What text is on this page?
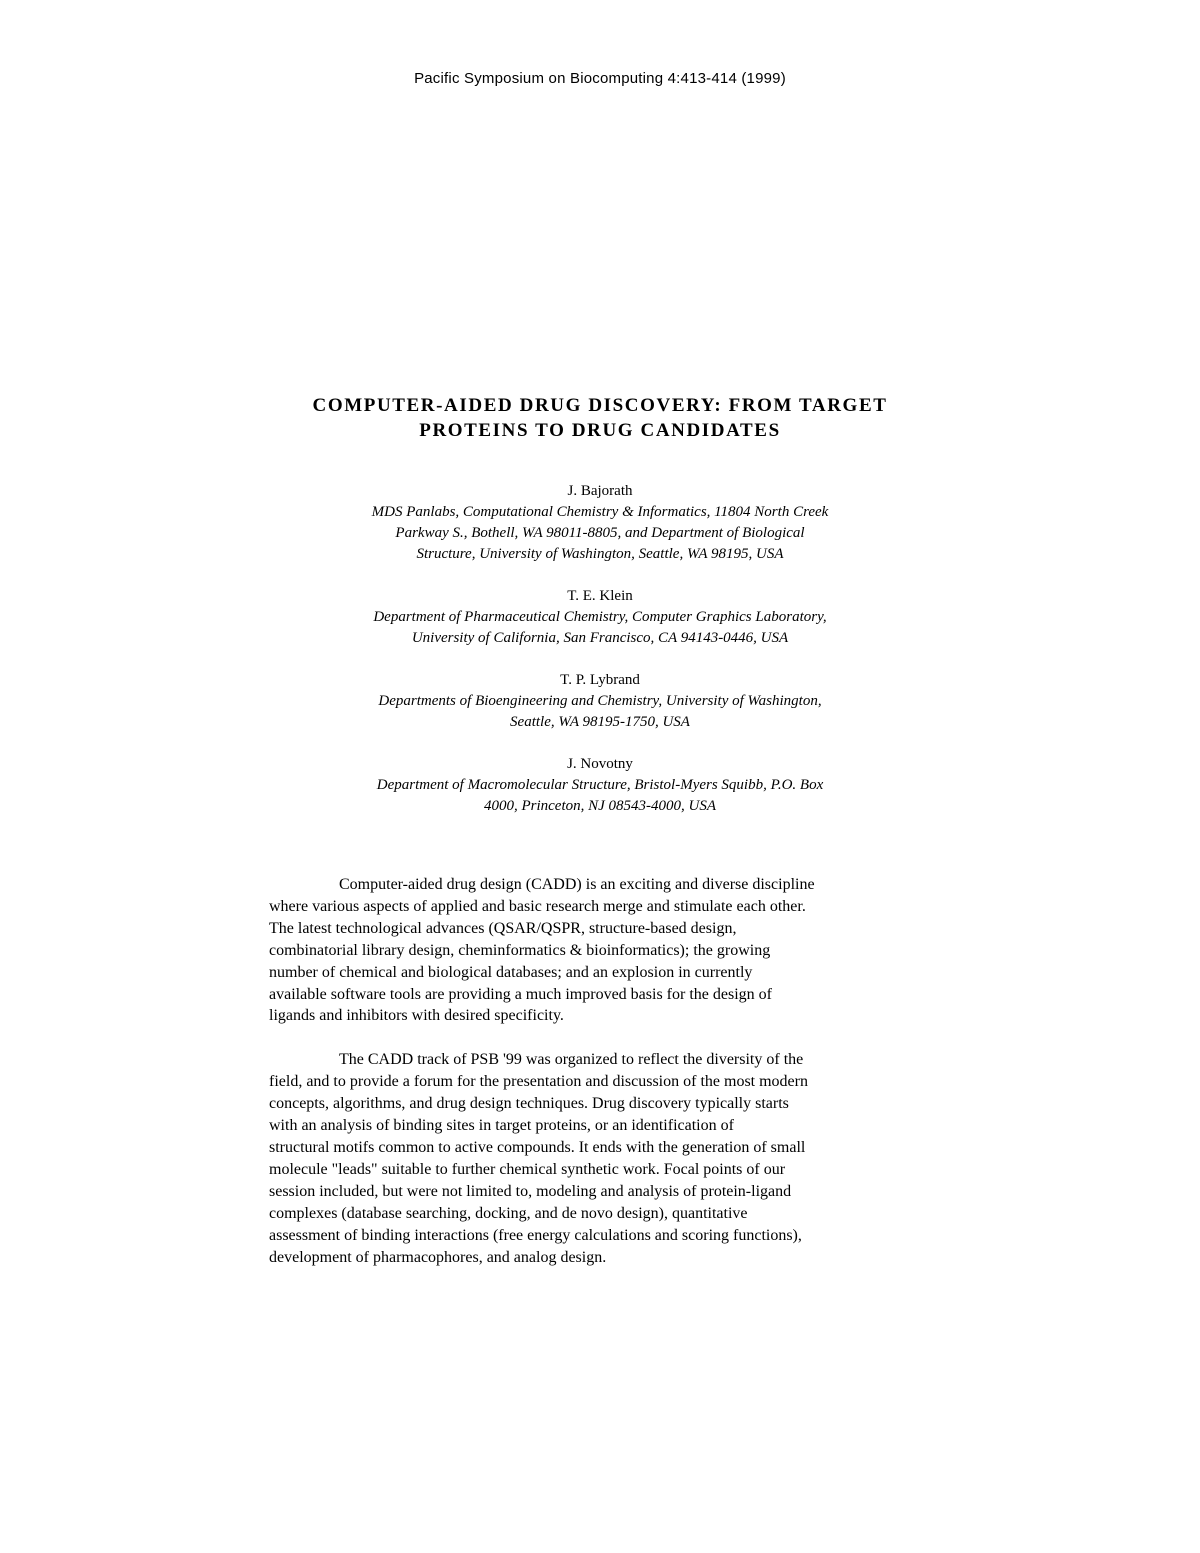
Pacific Symposium on Biocomputing 4:413-414 (1999)
COMPUTER-AIDED DRUG DISCOVERY: FROM TARGET
PROTEINS TO DRUG CANDIDATES
J. Bajorath
MDS Panlabs, Computational Chemistry & Informatics, 11804 North Creek
Parkway S., Bothell, WA 98011-8805, and Department of Biological
Structure, University of Washington, Seattle, WA 98195, USA
T. E. Klein
Department of Pharmaceutical Chemistry, Computer Graphics Laboratory,
University of California, San Francisco, CA 94143-0446, USA
T. P. Lybrand
Departments of Bioengineering and Chemistry, University of Washington,
Seattle, WA 98195-1750, USA
J. Novotny
Department of Macromolecular Structure, Bristol-Myers Squibb, P.O. Box
4000, Princeton, NJ 08543-4000, USA
Computer-aided drug design (CADD) is an exciting and diverse discipline
where various aspects of applied and basic research merge and stimulate each other.
The latest technological advances (QSAR/QSPR, structure-based design,
combinatorial library design, cheminformatics & bioinformatics); the growing
number of chemical and biological databases; and an explosion in currently
available software tools are providing a much improved basis for the design of
ligands and inhibitors with desired specificity.
The CADD track of PSB '99 was organized to reflect the diversity of the
field, and to provide a forum for the presentation and discussion of the most modern
concepts, algorithms, and drug design techniques. Drug discovery typically starts
with an analysis of binding sites in target proteins, or an identification of
structural motifs common to active compounds. It ends with the generation of small
molecule "leads" suitable to further chemical synthetic work. Focal points of our
session included, but were not limited to, modeling and analysis of protein-ligand
complexes (database searching, docking, and de novo design), quantitative
assessment of binding interactions (free energy calculations and scoring functions),
development of pharmacophores, and analog design.
